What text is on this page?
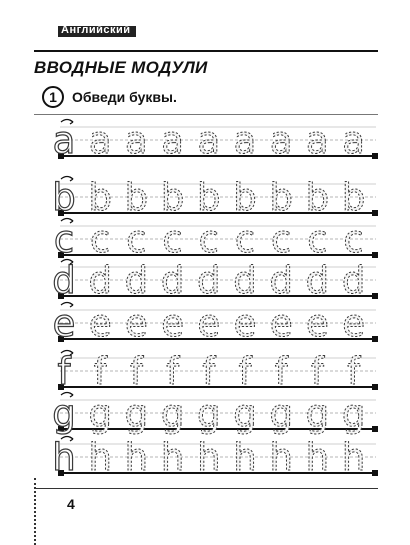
Английский в фокусе
ВВОДНЫЕ МОДУЛИ
1	Обведи буквы.
a a a a a a a a a
b b b b b b b b b
c c c c c c c c c
d d d d d d d d d
e e e e e e e e e
f f f f f f f f f
g g g g g g g g g
h h h h h h h h h
4
